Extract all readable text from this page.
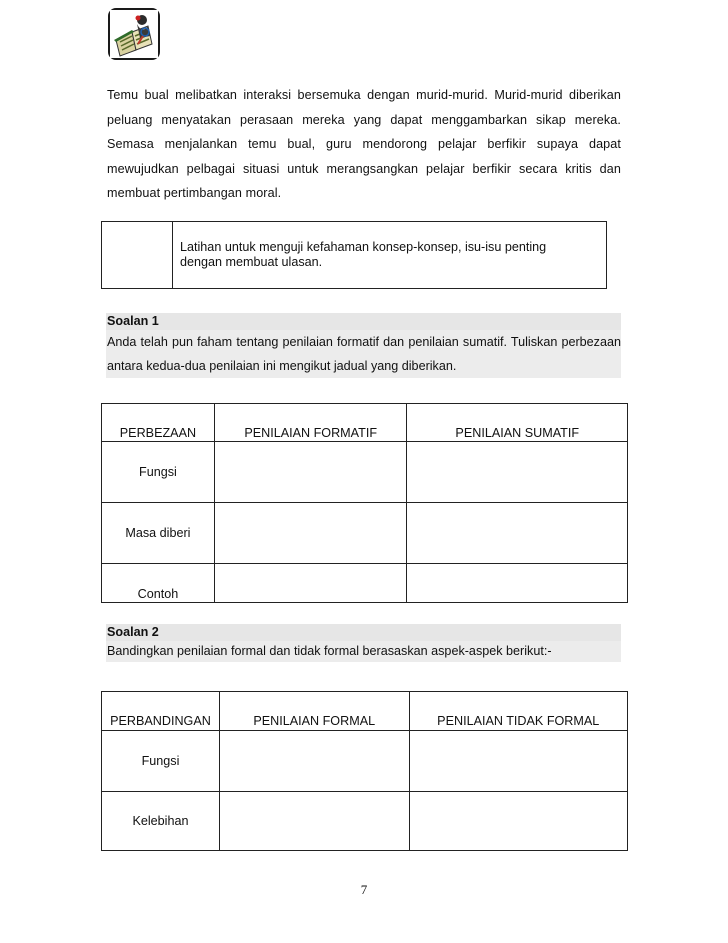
Temu bual melibatkan interaksi bersemuka dengan murid-murid. Murid-murid diberikan peluang menyatakan perasaan mereka yang dapat menggambarkan sikap mereka. Semasa menjalankan temu bual, guru mendorong pelajar berfikir supaya dapat mewujudkan pelbagai situasi untuk merangsangkan pelajar berfikir secara kritis dan membuat pertimbangan moral.
Latihan untuk menguji kefahaman konsep-konsep, isu-isu penting dengan membuat ulasan.
Soalan 1
Anda telah pun faham tentang penilaian formatif dan penilaian sumatif. Tuliskan perbezaan antara kedua-dua penilaian ini mengikut jadual yang diberikan.
PERBEZAAN	PENILAIAN FORMATIF	PENILAIAN SUMATIF
Fungsi		
Masa diberi		
Contoh		
Soalan 2
Bandingkan penilaian formal dan tidak formal berasaskan aspek-aspek berikut:-
PERBANDINGAN	PENILAIAN FORMAL	PENILAIAN TIDAK FORMAL
Fungsi		
Kelebihan		
7
